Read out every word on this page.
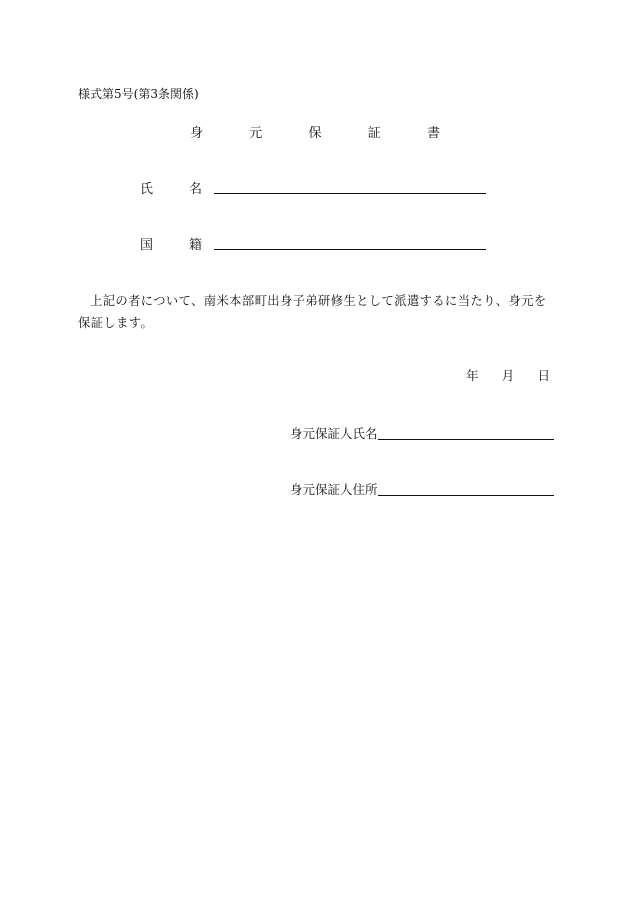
様式第5号(第3条関係)
身	元	保	証	書
氏	名
国	籍
上記の者について、南米本部町出身子弟研修生として派遣するに当たり、身元を保証します。
年 月 日
身元保証人氏名
身元保証人住所
